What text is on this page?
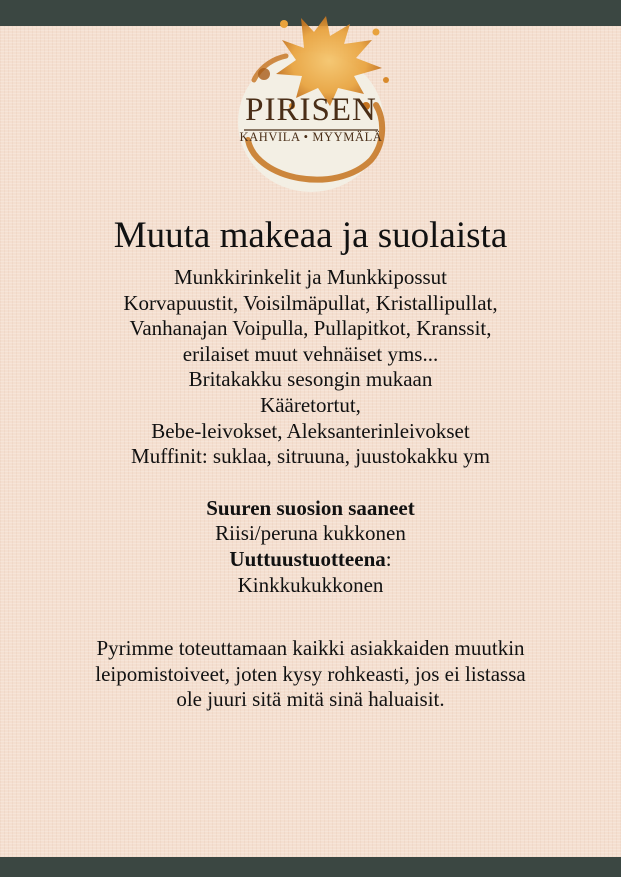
PIRISEN
KAHVILA • MYYMÄLÄ
Muuta makeaa ja suolaista
Munkkirinkelit ja Munkkipossut
Korvapuustit, Voisilmäpullat, Kristallipullat,
Vanhanajan Voipulla, Pullapitkot, Kranssit,
erilaiset muut vehnäiset yms...
Britakakku sesongin mukaan
Kääretortut,
Bebe-leivokset, Aleksanterinleivokset
Muffinit: suklaa, sitruuna, juustokakku ym
Suuren suosion saaneet
Riisi/peruna kukkonen
Uuttuustuotteena:
Kinkkukukkonen
Pyrimme toteuttamaan kaikki asiakkaiden muutkin
leipomistoiveet, joten kysy rohkeasti, jos ei listassa
ole juuri sitä mitä sinä haluaisit.
